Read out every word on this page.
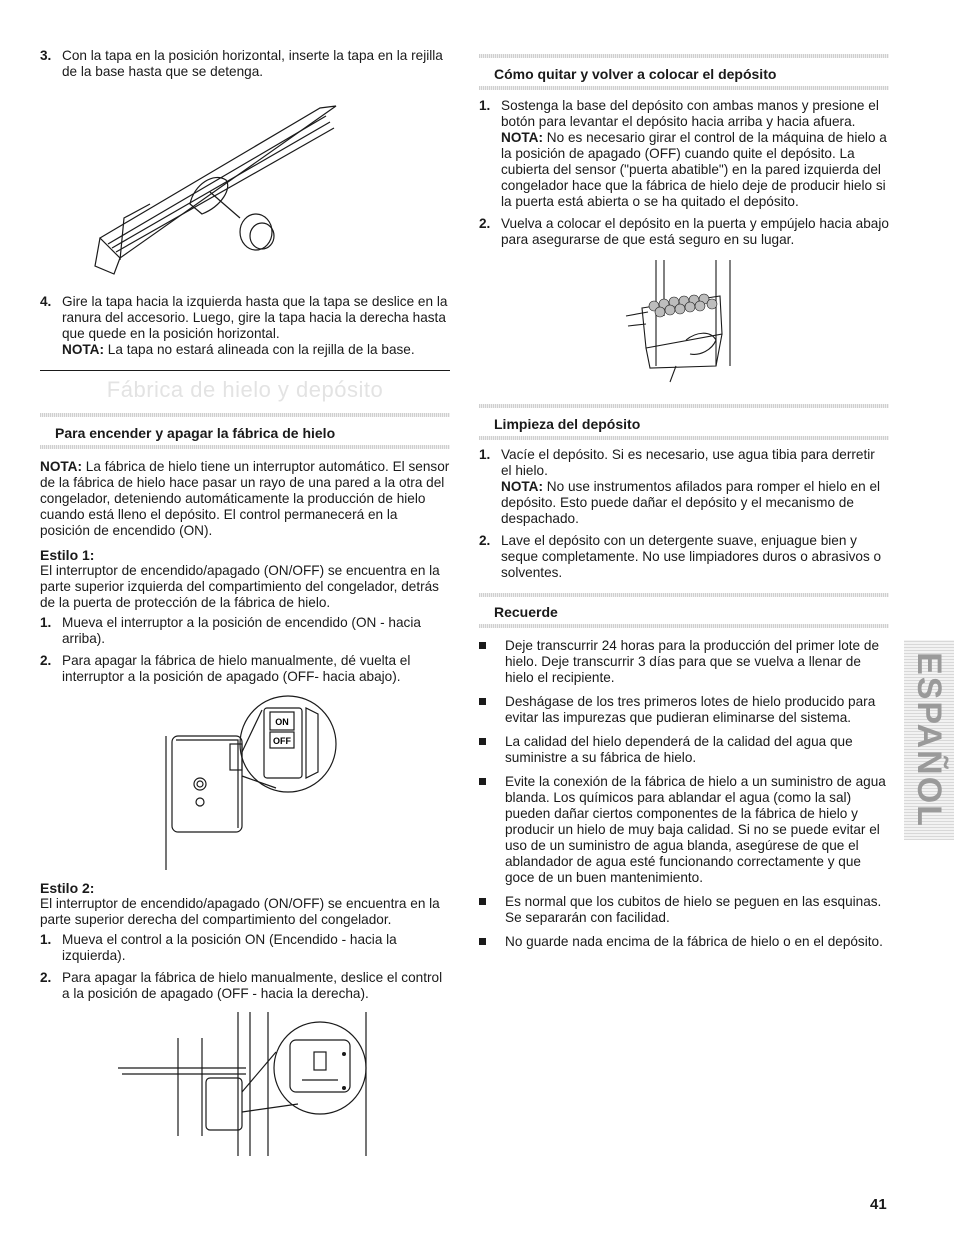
3. Con la tapa en la posición horizontal, inserte la tapa en la rejilla de la base hasta que se detenga.

4. Gire la tapa hacia la izquierda hasta que la tapa se deslice en la ranura del accesorio. Luego, gire la tapa hacia la derecha hasta que quede en la posición horizontal.

NOTA: La tapa no estará alineada con la rejilla de la base.

Fábrica de hielo y depósito
Para encender y apagar la fábrica de hielo

NOTA: La fábrica de hielo tiene un interruptor automático. El sensor de la fábrica de hielo hace pasar un rayo de una pared a la otra del congelador, deteniendo automáticamente la producción de hielo cuando está lleno el depósito. El control permanecerá en la posición de encendido (ON).

Estilo 1:

El interruptor de encendido/apagado (ON/OFF) se encuentra en la parte superior izquierda del compartimiento del congelador, detrás de la puerta de protección de la fábrica de hielo.

1. Mueva el interruptor a la posición de encendido (ON - hacia arriba).

2. Para apagar la fábrica de hielo manualmente, dé vuelta el interruptor a la posición de apagado (OFF- hacia abajo).

ON
OFF

Estilo 2:

El interruptor de encendido/apagado (ON/OFF) se encuentra en la parte superior derecha del compartimiento del congelador.

1. Mueva el control a la posición ON (Encendido - hacia la izquierda).

2. Para apagar la fábrica de hielo manualmente, deslice el control a la posición de apagado (OFF - hacia la derecha).

Cómo quitar y volver a colocar el depósito
1. Sostenga la base del depósito con ambas manos y presione el botón para levantar el depósito hacia arriba y hacia afuera.

NOTA: No es necesario girar el control de la máquina de hielo a la posición de apagado (OFF) cuando quite el depósito. La cubierta del sensor ("puerta abatible") en la pared izquierda del congelador hace que la fábrica de hielo deje de producir hielo si la puerta está abierta o se ha quitado el depósito.

2. Vuelva a colocar el depósito en la puerta y empújelo hacia abajo para asegurarse de que está seguro en su lugar.

Limpieza del depósito
1. Vacíe el depósito. Si es necesario, use agua tibia para derretir el hielo.

NOTA: No use instrumentos afilados para romper el hielo en el depósito. Esto puede dañar el depósito y el mecanismo de despachado.

2. Lave el depósito con un detergente suave, enjuague bien y seque completamente. No use limpiadores duros o abrasivos o solventes.

Recuerde

Deje transcurrir 24 horas para la producción del primer lote de hielo. Deje transcurrir 3 días para que se vuelva a llenar de hielo el recipiente.

Deshágase de los tres primeros lotes de hielo producido para evitar las impurezas que pudieran eliminarse del sistema.

La calidad del hielo dependerá de la calidad del agua que suministre a su fábrica de hielo.

Evite la conexión de la fábrica de hielo a un suministro de agua blanda. Los químicos para ablandar el agua (como la sal) pueden dañar ciertos componentes de la fábrica de hielo y producir un hielo de muy baja calidad. Si no se puede evitar el uso de un suministro de agua blanda, asegúrese de que el ablandador de agua esté funcionando correctamente y que goce de un buen mantenimiento.

Es normal que los cubitos de hielo se peguen en las esquinas. Se separarán con facilidad.

No guarde nada encima de la fábrica de hielo o en el depósito.

ESPAÑOL
41
